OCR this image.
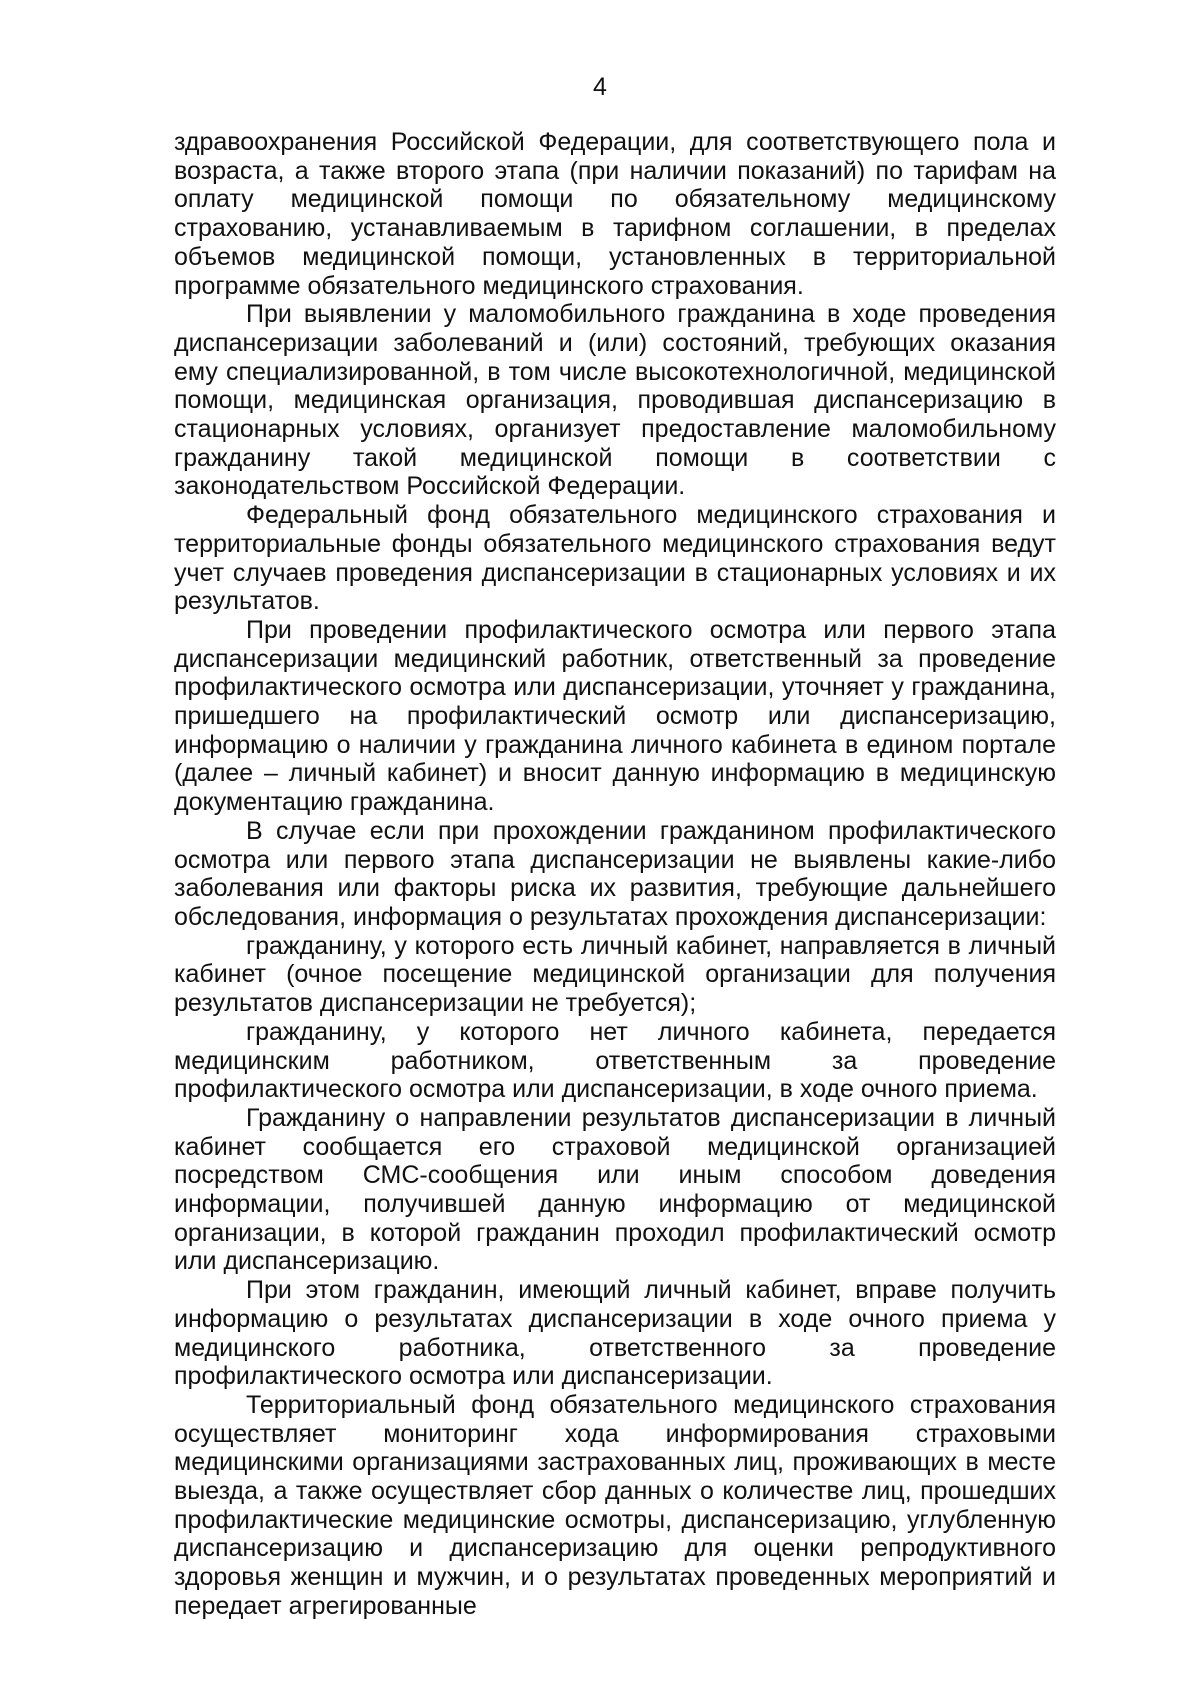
4

здравоохранения Российской Федерации, для соответствующего пола и возраста, а также второго этапа (при наличии показаний) по тарифам на оплату медицинской помощи по обязательному медицинскому страхованию, устанавливаемым в тарифном соглашении, в пределах объемов медицинской помощи, установленных в территориальной программе обязательного медицинского страхования.

При выявлении у маломобильного гражданина в ходе проведения диспансеризации заболеваний и (или) состояний, требующих оказания ему специализированной, в том числе высокотехнологичной, медицинской помощи, медицинская организация, проводившая диспансеризацию в стационарных условиях, организует предоставление маломобильному гражданину такой медицинской помощи в соответствии с законодательством Российской Федерации.

Федеральный фонд обязательного медицинского страхования и территориальные фонды обязательного медицинского страхования ведут учет случаев проведения диспансеризации в стационарных условиях и их результатов.

При проведении профилактического осмотра или первого этапа диспансеризации медицинский работник, ответственный за проведение профилактического осмотра или диспансеризации, уточняет у гражданина, пришедшего на профилактический осмотр или диспансеризацию, информацию о наличии у гражданина личного кабинета в едином портале (далее – личный кабинет) и вносит данную информацию в медицинскую документацию гражданина.

В случае если при прохождении гражданином профилактического осмотра или первого этапа диспансеризации не выявлены какие-либо заболевания или факторы риска их развития, требующие дальнейшего обследования, информация о результатах прохождения диспансеризации:

гражданину, у которого есть личный кабинет, направляется в личный кабинет (очное посещение медицинской организации для получения результатов диспансеризации не требуется);

гражданину, у которого нет личного кабинета, передается медицинским работником, ответственным за проведение профилактического осмотра или диспансеризации, в ходе очного приема.

Гражданину о направлении результатов диспансеризации в личный кабинет сообщается его страховой медицинской организацией посредством СМС-сообщения или иным способом доведения информации, получившей данную информацию от медицинской организации, в которой гражданин проходил профилактический осмотр или диспансеризацию.

При этом гражданин, имеющий личный кабинет, вправе получить информацию о результатах диспансеризации в ходе очного приема у медицинского работника, ответственного за проведение профилактического осмотра или диспансеризации.

Территориальный фонд обязательного медицинского страхования осуществляет мониторинг хода информирования страховыми медицинскими организациями застрахованных лиц, проживающих в месте выезда, а также осуществляет сбор данных о количестве лиц, прошедших профилактические медицинские осмотры, диспансеризацию, углубленную диспансеризацию и диспансеризацию для оценки репродуктивного здоровья женщин и мужчин, и о результатах проведенных мероприятий и передает агрегированные
